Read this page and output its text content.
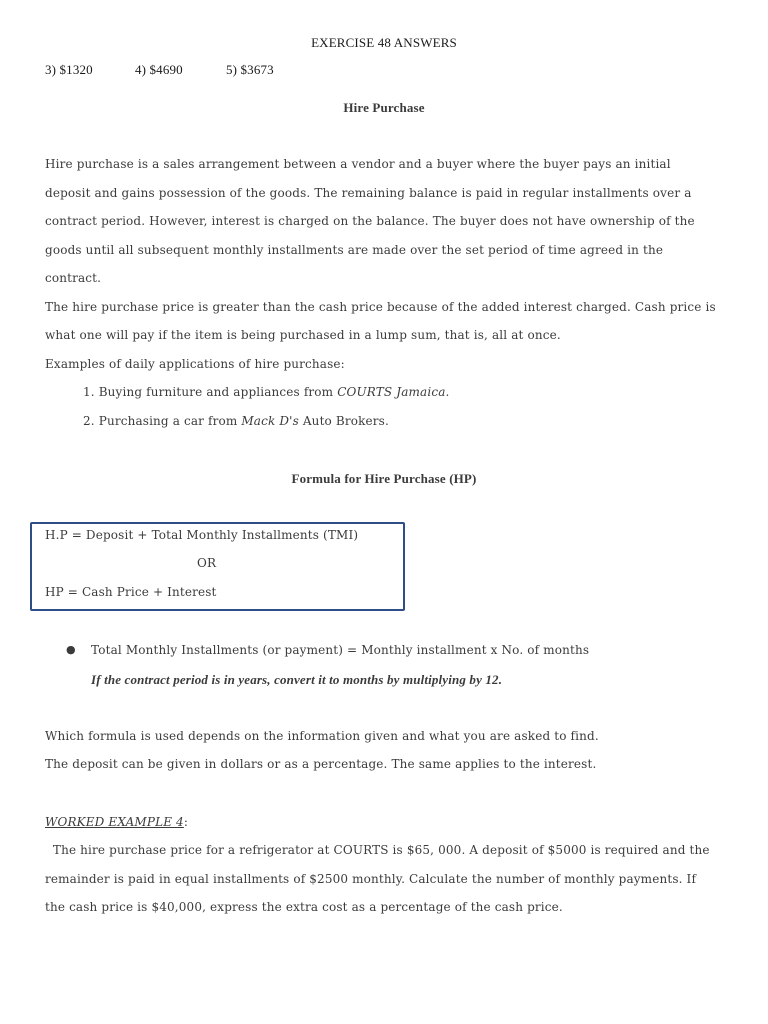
EXERCISE 48 ANSWERS
3) $1320	4) $4690	5) $3673
Hire Purchase
Hire purchase is a sales arrangement between a vendor and a buyer where the buyer pays an initial
deposit and gains possession of the goods. The remaining balance is paid in regular installments over a
contract period. However, interest is charged on the balance. The buyer does not have ownership of the
goods until all subsequent monthly installments are made over the set period of time agreed in the
contract.
The hire purchase price is greater than the cash price because of the added interest charged. Cash price is
what one will pay if the item is being purchased in a lump sum, that is, all at once.
Examples of daily applications of hire purchase:
1. Buying furniture and appliances from COURTS Jamaica.
2. Purchasing a car from Mack D's Auto Brokers.
Formula for Hire Purchase (HP)
H.P = Deposit + Total Monthly Installments (TMI)
OR
HP = Cash Price + Interest
● Total Monthly Installments (or payment) = Monthly installment x No. of months
If the contract period is in years, convert it to months by multiplying by 12.
Which formula is used depends on the information given and what you are asked to find.
The deposit can be given in dollars or as a percentage. The same applies to the interest.
WORKED EXAMPLE 4:
The hire purchase price for a refrigerator at COURTS is $65, 000. A deposit of $5000 is required and the
remainder is paid in equal installments of $2500 monthly. Calculate the number of monthly payments. If
the cash price is $40,000, express the extra cost as a percentage of the cash price.
